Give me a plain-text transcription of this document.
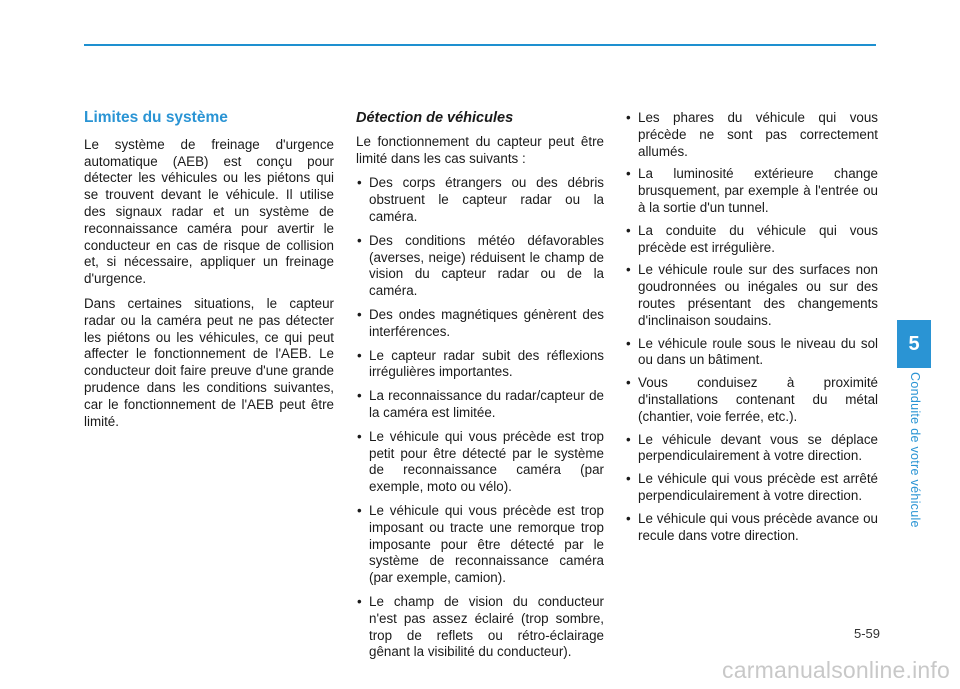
Limites du système

Le système de freinage d'urgence automatique (AEB) est conçu pour détecter les véhicules ou les piétons qui se trouvent devant le véhicule. Il utilise des signaux radar et un système de reconnaissance caméra pour avertir le conducteur en cas de risque de collision et, si nécessaire, appliquer un freinage d'urgence.

Dans certaines situations, le capteur radar ou la caméra peut ne pas détecter les piétons ou les véhicules, ce qui peut affecter le fonctionnement de l'AEB. Le conducteur doit faire preuve d'une grande prudence dans les conditions suivantes, car le fonctionnement de l'AEB peut être limité.

Détection de véhicules

Le fonctionnement du capteur peut être limité dans les cas suivants :

• Des corps étrangers ou des débris obstruent le capteur radar ou la caméra.
• Des conditions météo défavorables (averses, neige) réduisent le champ de vision du capteur radar ou de la caméra.
• Des ondes magnétiques génèrent des interférences.
• Le capteur radar subit des réflexions irrégulières importantes.
• La reconnaissance du radar/capteur de la caméra est limitée.
• Le véhicule qui vous précède est trop petit pour être détecté par le système de reconnaissance caméra (par exemple, moto ou vélo).
• Le véhicule qui vous précède est trop imposant ou tracte une remorque trop imposante pour être détecté par le système de reconnaissance caméra (par exemple, camion).
• Le champ de vision du conducteur n'est pas assez éclairé (trop sombre, trop de reflets ou rétro-éclairage gênant la visibilité du conducteur).
• Les phares du véhicule qui vous précède ne sont pas correctement allumés.
• La luminosité extérieure change brusquement, par exemple à l'entrée ou à la sortie d'un tunnel.
• La conduite du véhicule qui vous précède est irrégulière.
• Le véhicule roule sur des surfaces non goudronnées ou inégales ou sur des routes présentant des changements d'inclinaison soudains.
• Le véhicule roule sous le niveau du sol ou dans un bâtiment.
• Vous conduisez à proximité d'installations contenant du métal (chantier, voie ferrée, etc.).
• Le véhicule devant vous se déplace perpendiculairement à votre direction.
• Le véhicule qui vous précède est arrêté perpendiculairement à votre direction.
• Le véhicule qui vous précède avance ou recule dans votre direction.
5
Conduite de votre véhicule
5-59
carmanualsonline.info
